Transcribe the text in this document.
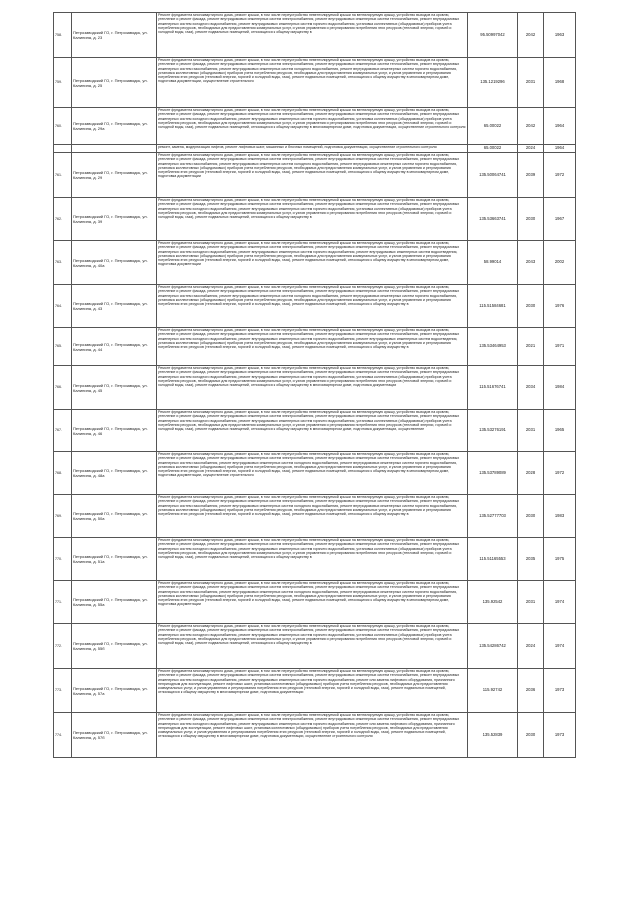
758.	Петрозаводский ГО, г. Петрозаводск, ул. Калинина, д. 23	Ремонт фундамента многоквартирного дома, ремонт крыши, в том числе переустройство невентилируемой крыши на вентилируемую крышу, устройство выходов на кровлю, утепление и ремонт фасада, ремонт внутридомовых инженерных систем электроснабжения, ремонт внутридомовых инженерных систем теплоснабжения, ремонт внутридомовых инженерных систем холодного водоснабжения, ремонт внутридомовых инженерных систем горячего водоснабжения, установка коллективных (общедомовых) приборов учета потребления ресурсов, необходимых для предоставления коммунальных услуг, и узлов управления и регулирования потребления этих ресурсов (тепловой энергии, горячей и холодной воды, газа), ремонт подвальных помещений, относящихся к общему имуществу в	95.50997042	2042	1963
759.	Петрозаводский ГО, г. Петрозаводск, ул. Калинина, д. 25	Ремонт фундамента многоквартирного дома, ремонт крыши, в том числе переустройство невентилируемой крыши на вентилируемую крышу, устройство выходов на кровлю, утепление и ремонт фасада, ремонт внутридомовых инженерных систем электроснабжения, ремонт внутридомовых инженерных систем теплоснабжения, ремонт внутридомовых инженерных систем газоснабжения, ремонт внутридомовых инженерных систем холодного водоснабжения, ремонт внутридомовых инженерных систем горячего водоснабжения, установка коллективных (общедомовых) приборов учета потребления ресурсов, необходимых для предоставления коммунальных услуг, и узлов управления и регулирования потребления этих ресурсов (тепловой энергии, горячей и холодной воды, газа), ремонт подвальных помещений, относящихся к общему имуществу в многоквартирном доме, подготовка документации, осуществление строительного	135.1219296	2031	1968
760.	Петрозаводский ГО, г. Петрозаводск, ул. Калинина, д. 29а	Ремонт фундамента многоквартирного дома, ремонт крыши, в том числе переустройство невентилируемой крыши на вентилируемую крышу, устройство выходов на кровлю, утепление и ремонт фасада, ремонт внутридомовых инженерных систем электроснабжения, ремонт внутридомовых инженерных систем теплоснабжения, ремонт внутридомовых инженерных систем холодного водоснабжения, ремонт внутридомовых инженерных систем горячего водоснабжения, установка коллективных (общедомовых) приборов учета потребления ресурсов, необходимых для предоставления коммунальных услуг, и узлов управления и регулирования потребления этих ресурсов (тепловой энергии, горячей и холодной воды, газа), ремонт подвальных помещений, относящихся к общему имуществу в многоквартирном доме, подготовка документации, осуществление строительного контроля	65.00022	2042	1964
		ремонт, замена, модернизация лифтов, ремонт лифтовых шахт, машинных и блочных помещений, подготовка документации, осуществление строительного контроля	65.00022	2024	1964
761.	Петрозаводский ГО, г. Петрозаводск, ул. Калинина, д. 29	Ремонт фундамента многоквартирного дома, ремонт крыши, в том числе переустройство невентилируемой крыши на вентилируемую крышу, устройство выходов на кровлю, утепление и ремонт фасада, ремонт внутридомовых инженерных систем электроснабжения, ремонт внутридомовых инженерных систем теплоснабжения, ремонт внутридомовых инженерных систем газоснабжения, ремонт внутридомовых инженерных систем холодного водоснабжения, ремонт внутридомовых инженерных систем горячего водоснабжения, установка коллективных (общедомовых) приборов учета потребления ресурсов, необходимых для предоставления коммунальных услуг, и узлов управления и регулирования потребления этих ресурсов (тепловой энергии, горячей и холодной воды, газа), ремонт подвальных помещений, относящихся к общему имуществу в многоквартирном доме, подготовка документации	135.50064741	2039	1972
762.	Петрозаводский ГО, г. Петрозаводск, ул. Калинина, д. 39	Ремонт фундамента многоквартирного дома, ремонт крыши, в том числе переустройство невентилируемой крыши на вентилируемую крышу, устройство выходов на кровлю, утепление и ремонт фасада, ремонт внутридомовых инженерных систем электроснабжения, ремонт внутридомовых инженерных систем теплоснабжения, ремонт внутридомовых инженерных систем холодного водоснабжения, ремонт внутридомовых инженерных систем горячего водоснабжения, установка коллективных (общедомовых) приборов учета потребления ресурсов, необходимых для предоставления коммунальных услуг, и узлов управления и регулирования потребления этих ресурсов (тепловой энергии, горячей и холодной воды, газа), ремонт подвальных помещений, относящихся к общему имуществу в	135.53663741	2030	1967
763.	Петрозаводский ГО, г. Петрозаводск, ул. Калинина, д. 40а	Ремонт фундамента многоквартирного дома, ремонт крыши, в том числе переустройство невентилируемой крыши на вентилируемую крышу, устройство выходов на кровлю, утепление и ремонт фасада, ремонт внутридомовых инженерных систем электроснабжения, ремонт внутридомовых инженерных систем теплоснабжения, ремонт внутридомовых инженерных систем холодного водоснабжения, ремонт внутридомовых инженерных систем горячего водоснабжения, ремонт внутридомовых инженерных систем водоотведения, установка коллективных (общедомовых) приборов учета потребления ресурсов, необходимых для предоставления коммунальных услуг, и узлов управления и регулирования потребления этих ресурсов (тепловой энергии, горячей и холодной воды, газа), ремонт подвальных помещений, относящихся к общему имуществу в многоквартирном доме, подготовка документации	58.99014	2043	2002
764.	Петрозаводский ГО, г. Петрозаводск, ул. Калинина, д. 43	Ремонт фундамента многоквартирного дома, ремонт крыши, в том числе переустройство невентилируемой крыши на вентилируемую крышу, устройство выходов на кровлю, утепление и ремонт фасада, ремонт внутридомовых инженерных систем электроснабжения, ремонт внутридомовых инженерных систем теплоснабжения, ремонт внутридомовых инженерных систем газоснабжения, ремонт внутридомовых инженерных систем холодного водоснабжения, ремонт внутридомовых инженерных систем горячего водоснабжения, установка коллективных (общедомовых) приборов учета потребления ресурсов, необходимых для предоставления коммунальных услуг, и узлов управления и регулирования потребления этих ресурсов (тепловой энергии, горячей и холодной воды, газа), ремонт подвальных помещений, относящихся к общему имуществу в	115.51584681	2030	1976
765.	Петрозаводский ГО, г. Петрозаводск, ул. Калинина, д. 44	Ремонт фундамента многоквартирного дома, ремонт крыши, в том числе переустройство невентилируемой крыши на вентилируемую крышу, устройство выходов на кровлю, утепление и ремонт фасада, ремонт внутридомовых инженерных систем электроснабжения, ремонт внутридомовых инженерных систем теплоснабжения, ремонт внутридомовых инженерных систем холодного водоснабжения, ремонт внутридомовых инженерных систем горячего водоснабжения, ремонт внутридомовых инженерных систем водоотведения, установка коллективных (общедомовых) приборов учета потребления ресурсов, необходимых для предоставления коммунальных услуг, и узлов управления и регулирования потребления этих ресурсов (тепловой энергии, горячей и холодной воды, газа), ремонт подвальных помещений, относящихся к общему имуществу в	135.53464953	2021	1971
766.	Петрозаводский ГО, г. Петрозаводск, ул. Калинина, д. 45	Ремонт фундамента многоквартирного дома, ремонт крыши, в том числе переустройство невентилируемой крыши на вентилируемую крышу, устройство выходов на кровлю, утепление и ремонт фасада, ремонт внутридомовых инженерных систем электроснабжения, ремонт внутридомовых инженерных систем теплоснабжения, ремонт внутридомовых инженерных систем холодного водоснабжения, ремонт внутридомовых инженерных систем горячего водоснабжения, установка коллективных (общедомовых) приборов учета потребления ресурсов, необходимых для предоставления коммунальных услуг, и узлов управления и регулирования потребления этих ресурсов (тепловой энергии, горячей и холодной воды, газа), ремонт подвальных помещений, относящихся к общему имуществу в многоквартирном доме, подготовка документации	115.51676741	2034	1984
767.	Петрозаводский ГО, г. Петрозаводск, ул. Калинина, д. 46	Ремонт фундамента многоквартирного дома, ремонт крыши, в том числе переустройство невентилируемой крыши на вентилируемую крышу, устройство выходов на кровлю, утепление и ремонт фасада, ремонт внутридомовых инженерных систем электроснабжения, ремонт внутридомовых инженерных систем теплоснабжения, ремонт внутридомовых инженерных систем холодного водоснабжения, ремонт внутридомовых инженерных систем горячего водоснабжения, установка коллективных (общедомовых) приборов учета потребления ресурсов, необходимых для предоставления коммунальных услуг, и узлов управления и регулирования потребления этих ресурсов (тепловой энергии, горячей и холодной воды, газа), ремонт подвальных помещений, относящихся к общему имуществу в многоквартирном доме, подготовка документации, осуществление	135.53276191	2031	1965
768.	Петрозаводский ГО, г. Петрозаводск, ул. Калинина, д. 48а	Ремонт фундамента многоквартирного дома, ремонт крыши, в том числе переустройство невентилируемой крыши на вентилируемую крышу, устройство выходов на кровлю, утепление и ремонт фасада, ремонт внутридомовых инженерных систем электроснабжения, ремонт внутридомовых инженерных систем теплоснабжения, ремонт внутридомовых инженерных систем газоснабжения, ремонт внутридомовых инженерных систем холодного водоснабжения, ремонт внутридомовых инженерных систем горячего водоснабжения, установка коллективных (общедомовых) приборов учета потребления ресурсов, необходимых для предоставления коммунальных услуг, и узлов управления и регулирования потребления этих ресурсов (тепловой энергии, горячей и холодной воды, газа), ремонт подвальных помещений, относящихся к общему имуществу в многоквартирном доме, подготовка документации, осуществление строительного	135.53789089	2028	1972
769.	Петрозаводский ГО, г. Петрозаводск, ул. Калинина, д. 50а	Ремонт фундамента многоквартирного дома, ремонт крыши, в том числе переустройство невентилируемой крыши на вентилируемую крышу, устройство выходов на кровлю, утепление и ремонт фасада, ремонт внутридомовых инженерных систем электроснабжения, ремонт внутридомовых инженерных систем теплоснабжения, ремонт внутридомовых инженерных систем газоснабжения, ремонт внутридомовых инженерных систем холодного водоснабжения, ремонт внутридомовых инженерных систем горячего водоснабжения, установка коллективных (общедомовых) приборов учета потребления ресурсов, необходимых для предоставления коммунальных услуг, и узлов управления и регулирования потребления этих ресурсов (тепловой энергии, горячей и холодной воды, газа), ремонт подвальных помещений, относящихся к общему имуществу в	135.52777703	2030	1983
770.	Петрозаводский ГО, г. Петрозаводск, ул. Калинина, д. 51а	Ремонт фундамента многоквартирного дома, ремонт крыши, в том числе переустройство невентилируемой крыши на вентилируемую крышу, устройство выходов на кровлю, утепление и ремонт фасада, ремонт внутридомовых инженерных систем электроснабжения, ремонт внутридомовых инженерных систем теплоснабжения, ремонт внутридомовых инженерных систем холодного водоснабжения, ремонт внутридомовых инженерных систем горячего водоснабжения, установка коллективных (общедомовых) приборов учета потребления ресурсов, необходимых для предоставления коммунальных услуг, и узлов управления и регулирования потребления этих ресурсов (тепловой энергии, горячей и холодной воды, газа), ремонт подвальных помещений, относящихся к общему имуществу в	115.51165553	2035	1975
771.	Петрозаводский ГО, г. Петрозаводск, ул. Калинина, д. 55а	Ремонт фундамента многоквартирного дома, ремонт крыши, в том числе переустройство невентилируемой крыши на вентилируемую крышу, устройство выходов на кровлю, утепление и ремонт фасада, ремонт внутридомовых инженерных систем электроснабжения, ремонт внутридомовых инженерных систем теплоснабжения, ремонт внутридомовых инженерных систем газоснабжения, ремонт внутридомовых инженерных систем холодного водоснабжения, ремонт внутридомовых инженерных систем горячего водоснабжения, установка коллективных (общедомовых) приборов учета потребления ресурсов, необходимых для предоставления коммунальных услуг, и узлов управления и регулирования потребления этих ресурсов (тепловой энергии, горячей и холодной воды, газа), ремонт подвальных помещений, относящихся к общему имуществу в многоквартирном доме, подготовка документации	135.92542	2031	1974
772.	Петрозаводский ГО, г. Петрозаводск, ул. Калинина, д. 55б	Ремонт фундамента многоквартирного дома, ремонт крыши, в том числе переустройство невентилируемой крыши на вентилируемую крышу, устройство выходов на кровлю, утепление и ремонт фасада, ремонт внутридомовых инженерных систем электроснабжения, ремонт внутридомовых инженерных систем теплоснабжения, ремонт внутридомовых инженерных систем холодного водоснабжения, ремонт внутридомовых инженерных систем горячего водоснабжения, установка коллективных (общедомовых) приборов учета потребления ресурсов, необходимых для предоставления коммунальных услуг, и узлов управления и регулирования потребления этих ресурсов (тепловой энергии, горячей и холодной воды, газа), ремонт подвальных помещений, относящихся к общему имуществу в	135.54286742	2024	1974
773.	Петрозаводский ГО, г. Петрозаводск, ул. Калинина, д. 57а	Ремонт фундамента многоквартирного дома, ремонт крыши, в том числе переустройство невентилируемой крыши на вентилируемую крышу, устройство выходов на кровлю, утепление и ремонт фасада, ремонт внутридомовых инженерных систем электроснабжения, ремонт внутридомовых инженерных систем теплоснабжения, ремонт внутридомовых инженерных систем холодного водоснабжения, ремонт внутридомовых инженерных систем горячего водоснабжения, ремонт или замена лифтового оборудования, признанного непригодным для эксплуатации, ремонт лифтовых шахт, установка коллективных (общедомовых) приборов учета потребления ресурсов, необходимых для предоставления коммунальных услуг, и узлов управления и регулирования потребления этих ресурсов (тепловой энергии, горячей и холодной воды, газа), ремонт подвальных помещений, относящихся к общему имуществу в многоквартирном доме, подготовка документации	115.92742	2036	1973
774.	Петрозаводский ГО, г. Петрозаводск, ул. Калинина, д. 57б	Ремонт фундамента многоквартирного дома, ремонт крыши, в том числе переустройство невентилируемой крыши на вентилируемую крышу, устройство выходов на кровлю, утепление и ремонт фасада, ремонт внутридомовых инженерных систем электроснабжения, ремонт внутридомовых инженерных систем теплоснабжения, ремонт внутридомовых инженерных систем холодного водоснабжения, ремонт внутридомовых инженерных систем горячего водоснабжения, ремонт или замена лифтового оборудования, признанного непригодным для эксплуатации, ремонт лифтовых шахт, установка коллективных (общедомовых) приборов учета потребления ресурсов, необходимых для предоставления коммунальных услуг, и узлов управления и регулирования потребления этих ресурсов (тепловой энергии, горячей и холодной воды, газа), ремонт подвальных помещений, относящихся к общему имуществу в многоквартирном доме, подготовка документации, осуществление строительного контроля	135.52839	2030	1973
